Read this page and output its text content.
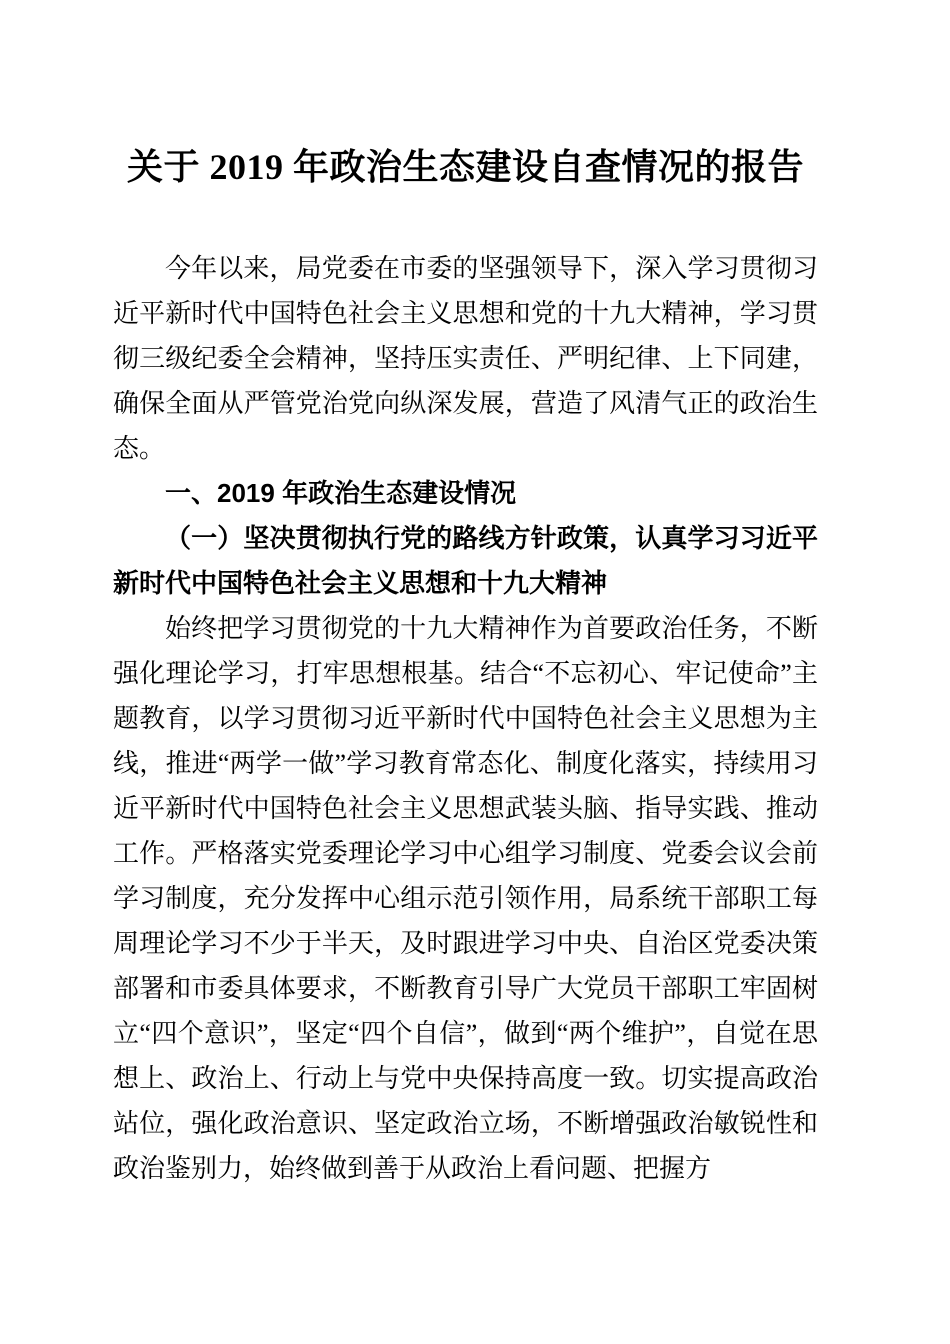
关于 2019 年政治生态建设自查情况的报告

今年以来，局党委在市委的坚强领导下，深入学习贯彻习近平新时代中国特色社会主义思想和党的十九大精神，学习贯彻三级纪委全会精神，坚持压实责任、严明纪律、上下同建，确保全面从严管党治党向纵深发展，营造了风清气正的政治生态。

一、2019 年政治生态建设情况

（一）坚决贯彻执行党的路线方针政策，认真学习习近平新时代中国特色社会主义思想和十九大精神

始终把学习贯彻党的十九大精神作为首要政治任务，不断强化理论学习，打牢思想根基。结合“不忘初心、牢记使命”主题教育，以学习贯彻习近平新时代中国特色社会主义思想为主线，推进“两学一做”学习教育常态化、制度化落实，持续用习近平新时代中国特色社会主义思想武装头脑、指导实践、推动工作。严格落实党委理论学习中心组学习制度、党委会议会前学习制度，充分发挥中心组示范引领作用，局系统干部职工每周理论学习不少于半天，及时跟进学习中央、自治区党委决策部署和市委具体要求，不断教育引导广大党员干部职工牢固树立“四个意识”，坚定“四个自信”，做到“两个维护”，自觉在思想上、政治上、行动上与党中央保持高度一致。切实提高政治站位，强化政治意识、坚定政治立场，不断增强政治敏锐性和政治鉴别力，始终做到善于从政治上看问题、把握方
